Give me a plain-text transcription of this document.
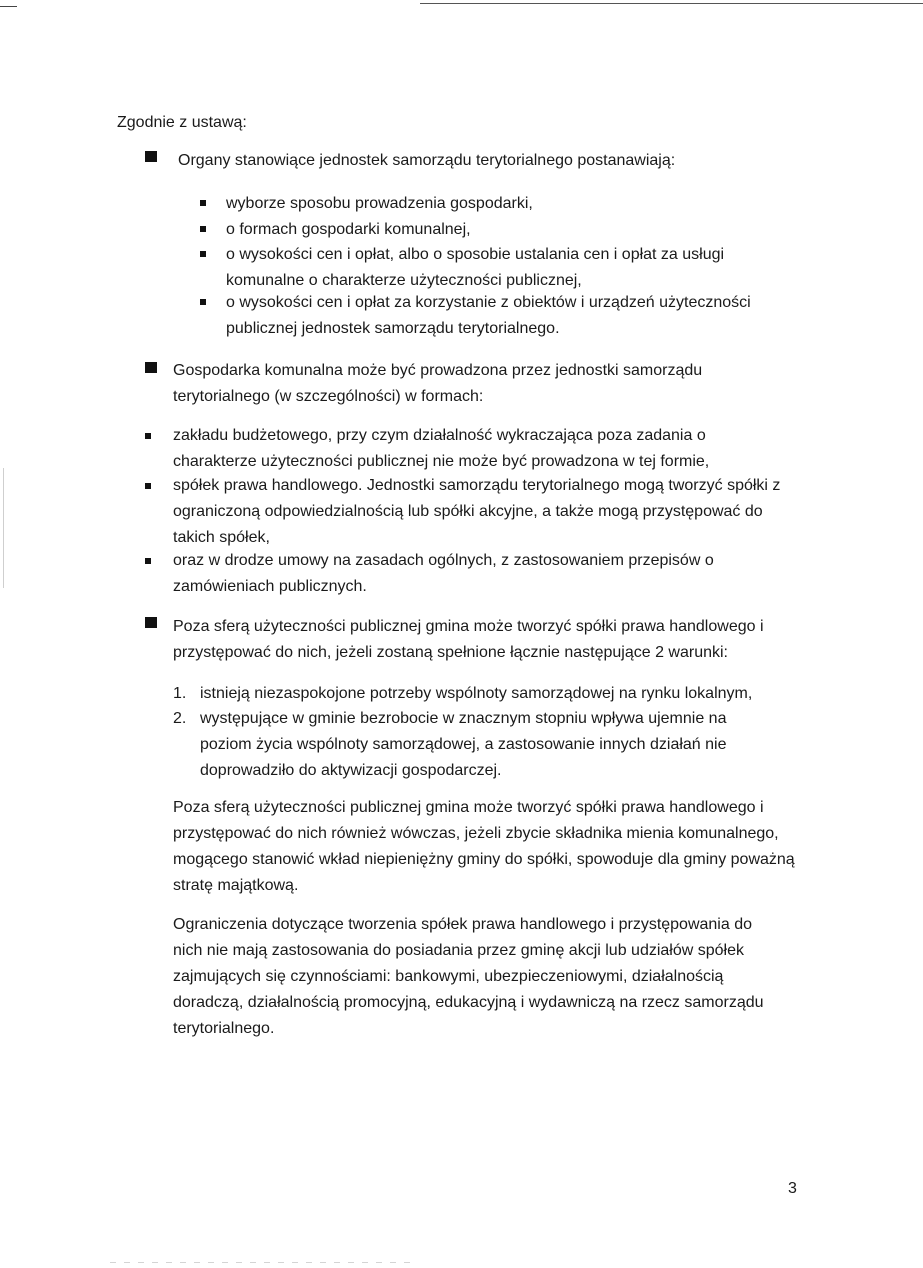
Zgodnie z ustawą:

Organy stanowiące jednostek samorządu terytorialnego postanawiają:

wyborze sposobu prowadzenia gospodarki,

o formach gospodarki komunalnej,

o wysokości cen i opłat, albo o sposobie ustalania cen i opłat za usługi komunalne o charakterze użyteczności publicznej,

o wysokości cen i opłat za korzystanie z obiektów i urządzeń użyteczności publicznej jednostek samorządu terytorialnego.

Gospodarka komunalna może być prowadzona przez jednostki samorządu terytorialnego (w szczególności) w formach:

zakładu budżetowego, przy czym działalność wykraczająca poza zadania o charakterze użyteczności publicznej nie może być prowadzona w tej formie,

spółek prawa handlowego. Jednostki samorządu terytorialnego mogą tworzyć spółki z ograniczoną odpowiedzialnością lub spółki akcyjne, a także mogą przystępować do takich spółek,

oraz w drodze umowy na zasadach ogólnych, z zastosowaniem przepisów o zamówieniach publicznych.

Poza sferą użyteczności publicznej gmina może tworzyć spółki prawa handlowego i przystępować do nich, jeżeli zostaną spełnione łącznie następujące 2 warunki:

1. istnieją niezaspokojone potrzeby wspólnoty samorządowej na rynku lokalnym,

2. występujące w gminie bezrobocie w znacznym stopniu wpływa ujemnie na poziom życia wspólnoty samorządowej, a zastosowanie innych działań nie doprowadziło do aktywizacji gospodarczej.

Poza sferą użyteczności publicznej gmina może tworzyć spółki prawa handlowego i przystępować do nich również wówczas, jeżeli zbycie składnika mienia komunalnego, mogącego stanowić wkład niepieniężny gminy do spółki, spowoduje dla gminy poważną stratę majątkową.

Ograniczenia dotyczące tworzenia spółek prawa handlowego i przystępowania do nich nie mają zastosowania do posiadania przez gminę akcji lub udziałów spółek zajmujących się czynnościami: bankowymi, ubezpieczeniowymi, działalnością doradczą, działalnością promocyjną, edukacyjną i wydawniczą na rzecz samorządu terytorialnego.

3
